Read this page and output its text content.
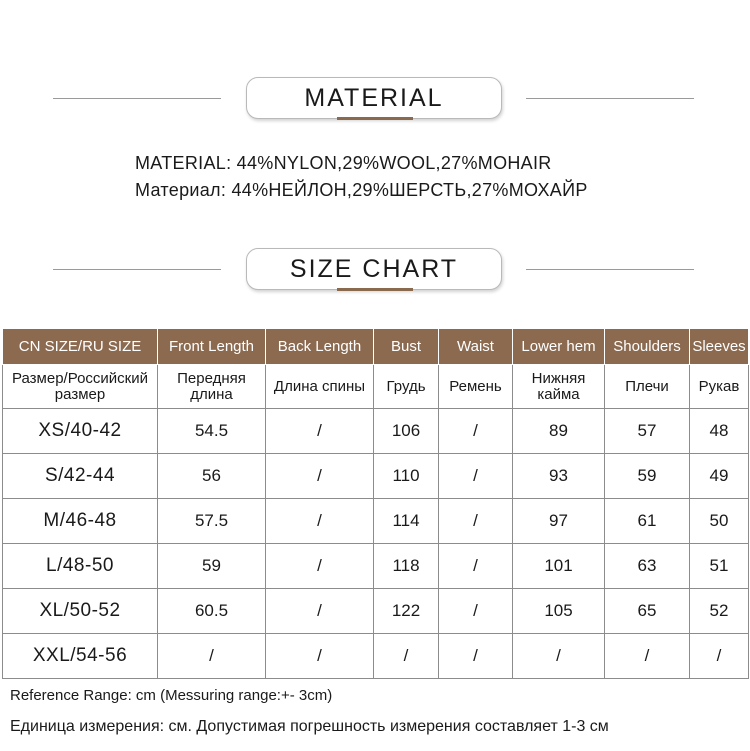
MATERIAL
MATERIAL: 44%NYLON,29%WOOL,27%MOHAIR
Материал: 44%НЕЙЛОН,29%ШЕРСТЬ,27%МОХАЙР
SIZE CHART
CN SIZE/RU SIZE	Front Length	Back Length	Bust	Waist	Lower hem	Shoulders	Sleeves
Размер/Российский размер	Передняя длина	Длина спины	Грудь	Ремень	Нижняя кайма	Плечи	Рукав
XS/40-42	54.5	/	106	/	89	57	48
S/42-44	56	/	110	/	93	59	49
M/46-48	57.5	/	114	/	97	61	50
L/48-50	59	/	118	/	101	63	51
XL/50-52	60.5	/	122	/	105	65	52
XXL/54-56	/	/	/	/	/	/	/
Reference Range: cm (Messuring range:+- 3cm)
Единица измерения: см. Допустимая погрешность измерения составляет 1-3 см
